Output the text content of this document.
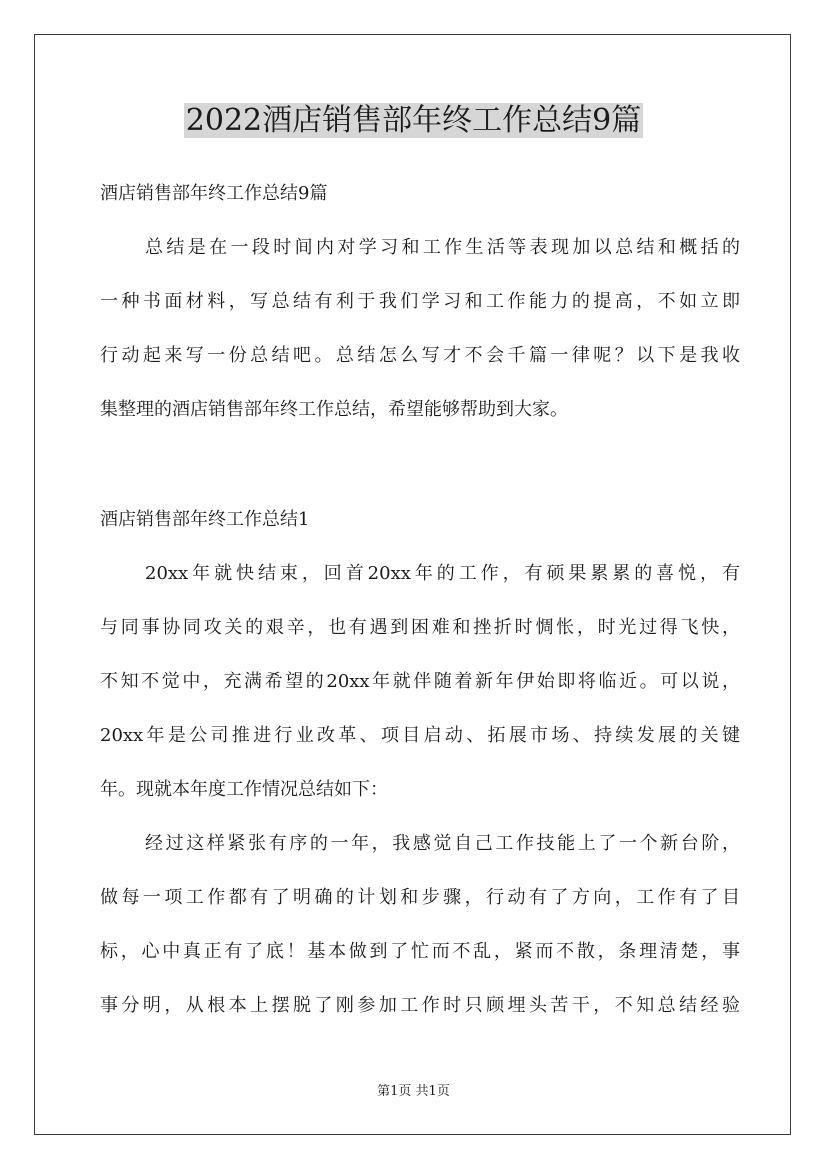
2022酒店销售部年终工作总结9篇

酒店销售部年终工作总结9篇

总结是在一段时间内对学习和工作生活等表现加以总结和概括的

一种书面材料，写总结有利于我们学习和工作能力的提高，不如立即

行动起来写一份总结吧。总结怎么写才不会千篇一律呢？以下是我收

集整理的酒店销售部年终工作总结，希望能够帮助到大家。

酒店销售部年终工作总结1

20xx年就快结束，回首20xx年的工作，有硕果累累的喜悦，有

与同事协同攻关的艰辛，也有遇到困难和挫折时惆怅，时光过得飞快，

不知不觉中，充满希望的20xx年就伴随着新年伊始即将临近。可以说，

20xx年是公司推进行业改革、项目启动、拓展市场、持续发展的关键

年。现就本年度工作情况总结如下：

经过这样紧张有序的一年，我感觉自己工作技能上了一个新台阶，

做每一项工作都有了明确的计划和步骤，行动有了方向，工作有了目

标，心中真正有了底！基本做到了忙而不乱，紧而不散，条理清楚，事

事分明，从根本上摆脱了刚参加工作时只顾埋头苦干，不知总结经验

第1页 共1页
